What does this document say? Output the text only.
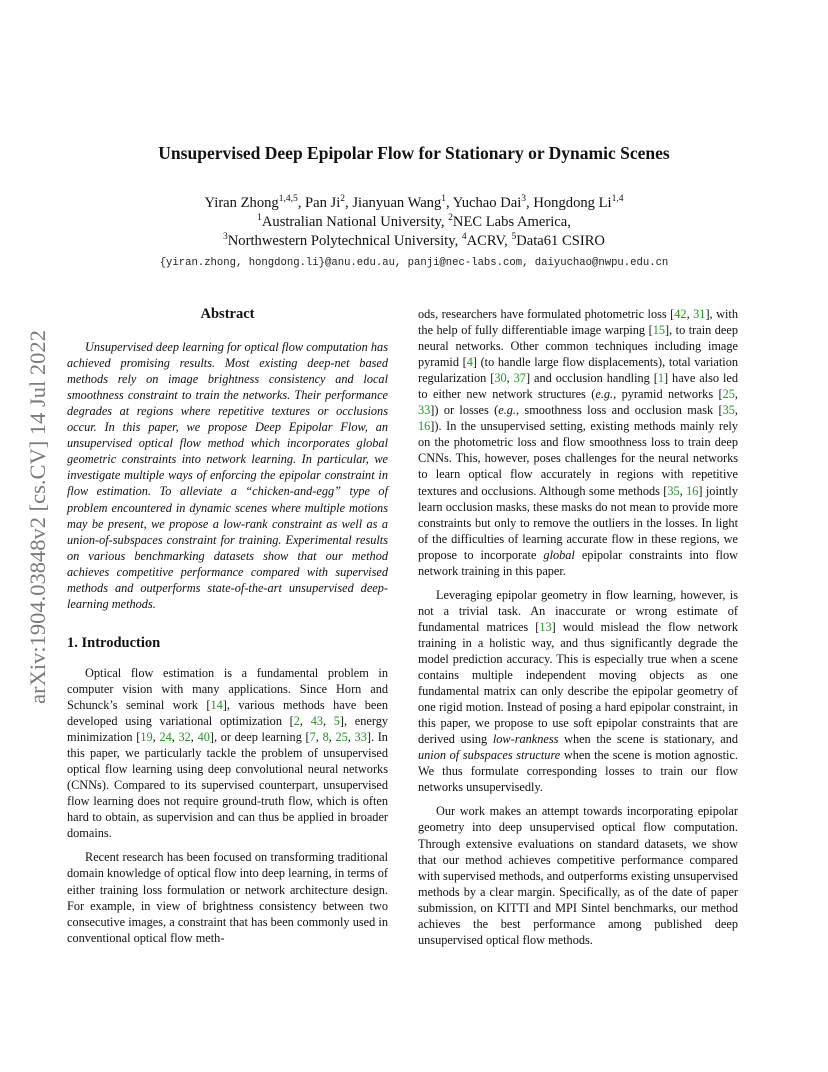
Unsupervised Deep Epipolar Flow for Stationary or Dynamic Scenes
Yiran Zhong$^{1,4,5}$, Pan Ji$^2$, Jianyuan Wang$^1$, Yuchao Dai$^3$, Hongdong Li$^{1,4}$
$^1$Australian National University, $^2$NEC Labs America,
$^3$Northwestern Polytechnical University, $^4$ACRV, $^5$Data61 CSIRO
{yiran.zhong, hongdong.li}@anu.edu.au, panji@nec-labs.com, daiyuchao@nwpu.edu.cn
arXiv:1904.03848v2 [cs.CV] 14 Jul 2022
Abstract
Unsupervised deep learning for optical flow computation has achieved promising results. Most existing deep-net based methods rely on image brightness consistency and local smoothness constraint to train the networks. Their performance degrades at regions where repetitive textures or occlusions occur. In this paper, we propose Deep Epipolar Flow, an unsupervised optical flow method which incorporates global geometric constraints into network learning. In particular, we investigate multiple ways of enforcing the epipolar constraint in flow estimation. To alleviate a “chicken-and-egg” type of problem encountered in dynamic scenes where multiple motions may be present, we propose a low-rank constraint as well as a union-of-subspaces constraint for training. Experimental results on various benchmarking datasets show that our method achieves competitive performance compared with supervised methods and outperforms state-of-the-art unsupervised deep-learning methods.
1. Introduction

Optical flow estimation is a fundamental problem in computer vision with many applications. Since Horn and Schunck’s seminal work [14], various methods have been developed using variational optimization [2, 43, 5], energy minimization [19, 24, 32, 40], or deep learning [7, 8, 25, 33]. In this paper, we particularly tackle the problem of unsupervised optical flow learning using deep convolutional neural networks (CNNs). Compared to its supervised counterpart, unsupervised flow learning does not require ground-truth flow, which is often hard to obtain, as supervision and can thus be applied in broader domains.

Recent research has been focused on transforming traditional domain knowledge of optical flow into deep learning, in terms of either training loss formulation or network architecture design. For example, in view of brightness consistency between two consecutive images, a constraint that has been commonly used in conventional optical flow meth-

ods, researchers have formulated photometric loss [42, 31], with the help of fully differentiable image warping [15], to train deep neural networks. Other common techniques including image pyramid [4] (to handle large flow displacements), total variation regularization [30, 37] and occlusion handling [1] have also led to either new network structures (e.g., pyramid networks [25, 33]) or losses (e.g., smoothness loss and occlusion mask [35, 16]). In the unsupervised setting, existing methods mainly rely on the photometric loss and flow smoothness loss to train deep CNNs. This, however, poses challenges for the neural networks to learn optical flow accurately in regions with repetitive textures and occlusions. Although some methods [35, 16] jointly learn occlusion masks, these masks do not mean to provide more constraints but only to remove the outliers in the losses. In light of the difficulties of learning accurate flow in these regions, we propose to incorporate global epipolar constraints into flow network training in this paper.

Leveraging epipolar geometry in flow learning, however, is not a trivial task. An inaccurate or wrong estimate of fundamental matrices [13] would mislead the flow network training in a holistic way, and thus significantly degrade the model prediction accuracy. This is especially true when a scene contains multiple independent moving objects as one fundamental matrix can only describe the epipolar geometry of one rigid motion. Instead of posing a hard epipolar constraint, in this paper, we propose to use soft epipolar constraints that are derived using low-rankness when the scene is stationary, and union of subspaces structure when the scene is motion agnostic. We thus formulate corresponding losses to train our flow networks unsupervisedly.

Our work makes an attempt towards incorporating epipolar geometry into deep unsupervised optical flow computation. Through extensive evaluations on standard datasets, we show that our method achieves competitive performance compared with supervised methods, and outperforms existing unsupervised methods by a clear margin. Specifically, as of the date of paper submission, on KITTI and MPI Sintel benchmarks, our method achieves the best performance among published deep unsupervised optical flow methods.
